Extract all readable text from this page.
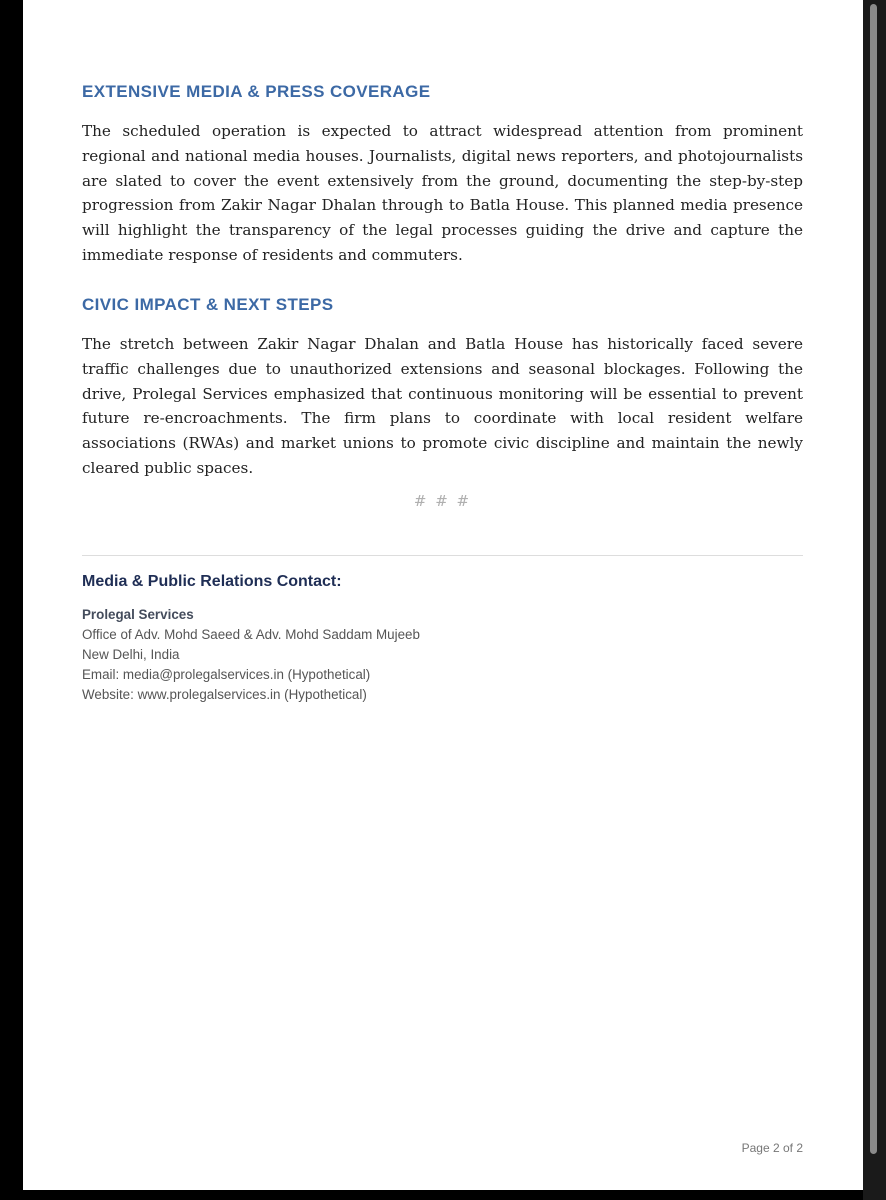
EXTENSIVE MEDIA & PRESS COVERAGE

The scheduled operation is expected to attract widespread attention from prominent regional and national media houses. Journalists, digital news reporters, and photojournalists are slated to cover the event extensively from the ground, documenting the step-by-step progression from Zakir Nagar Dhalan through to Batla House. This planned media presence will highlight the transparency of the legal processes guiding the drive and capture the immediate response of residents and commuters.

CIVIC IMPACT & NEXT STEPS

The stretch between Zakir Nagar Dhalan and Batla House has historically faced severe traffic challenges due to unauthorized extensions and seasonal blockages. Following the drive, Prolegal Services emphasized that continuous monitoring will be essential to prevent future re-encroachments. The firm plans to coordinate with local resident welfare associations (RWAs) and market unions to promote civic discipline and maintain the newly cleared public spaces.

# # #
Media & Public Relations Contact:
Prolegal Services
Office of Adv. Mohd Saeed & Adv. Mohd Saddam Mujeeb
New Delhi, India
Email: media@prolegalservices.in (Hypothetical)
Website: www.prolegalservices.in (Hypothetical)
Page 2 of 2
